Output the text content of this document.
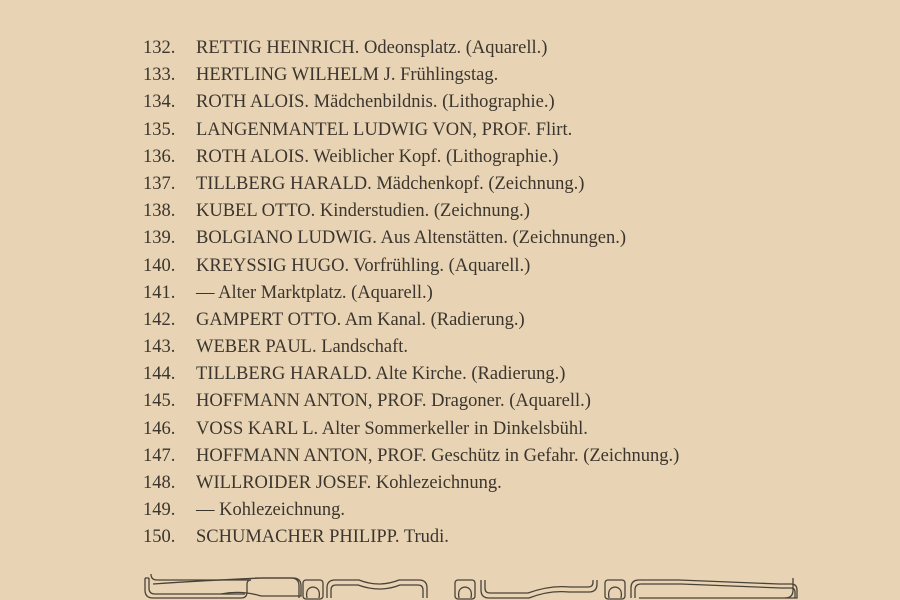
132.	RETTIG HEINRICH. Odeonsplatz. (Aquarell.)
133.	HERTLING WILHELM J. Frühlingstag.
134.	ROTH ALOIS. Mädchenbildnis. (Lithographie.)
135.	LANGENMANTEL LUDWIG VON, PROF. Flirt.
136.	ROTH ALOIS. Weiblicher Kopf. (Lithographie.)
137.	TILLBERG HARALD. Mädchenkopf. (Zeichnung.)
138.	KUBEL OTTO. Kinderstudien. (Zeichnung.)
139.	BOLGIANO LUDWIG. Aus Altenstätten. (Zeichnungen.)
140.	KREYSSIG HUGO. Vorfrühling. (Aquarell.)
141.	— Alter Marktplatz. (Aquarell.)
142.	GAMPERT OTTO. Am Kanal. (Radierung.)
143.	WEBER PAUL. Landschaft.
144.	TILLBERG HARALD. Alte Kirche. (Radierung.)
145.	HOFFMANN ANTON, PROF. Dragoner. (Aquarell.)
146.	VOSS KARL L. Alter Sommerkeller in Dinkelsbühl.
147.	HOFFMANN ANTON, PROF. Geschütz in Gefahr. (Zeichnung.)
148.	WILLROIDER JOSEF. Kohlezeichnung.
149.	— Kohlezeichnung.
150.	SCHUMACHER PHILIPP. Trudi.
